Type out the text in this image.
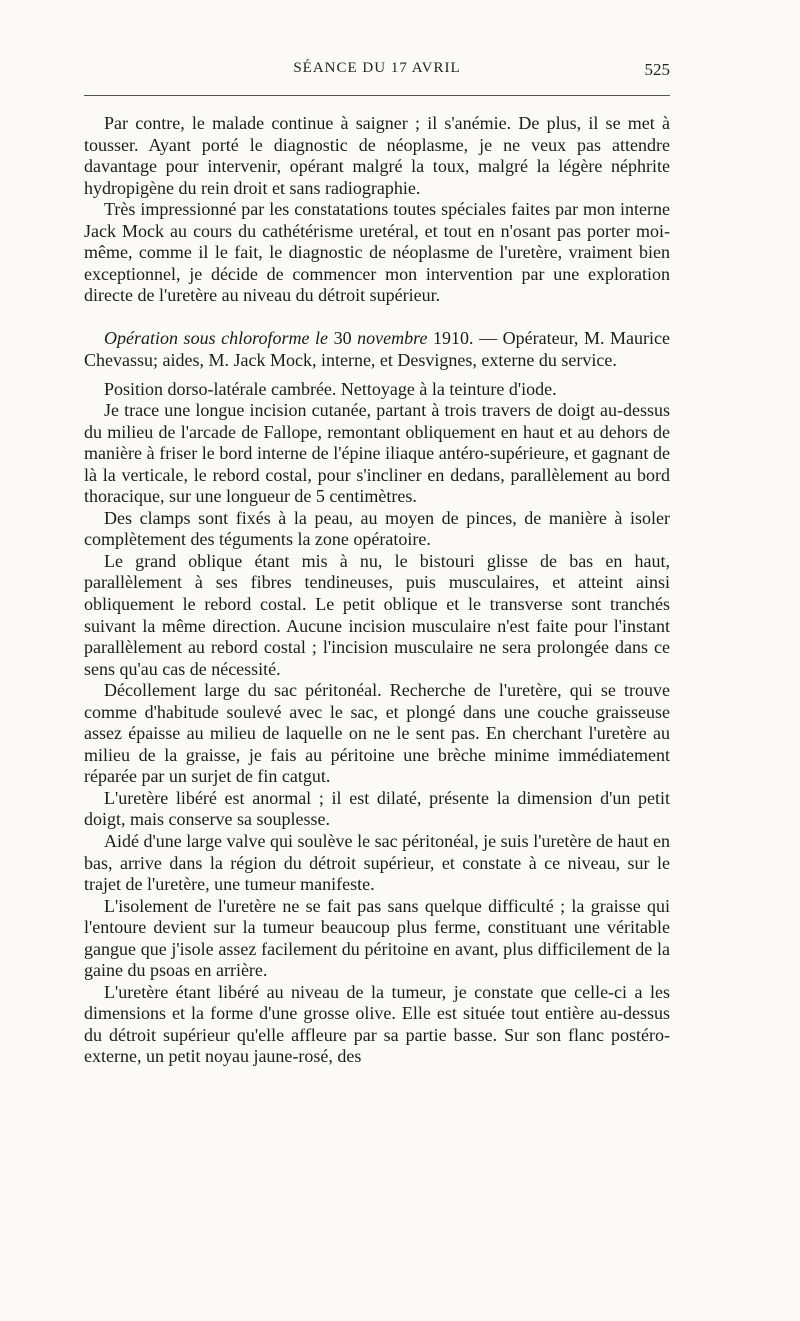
SÉANCE DU 17 AVRIL	525

Par contre, le malade continue à saigner ; il s'anémie. De plus, il se met à tousser. Ayant porté le diagnostic de néoplasme, je ne veux pas attendre davantage pour intervenir, opérant malgré la toux, malgré la légère néphrite hydropigène du rein droit et sans radiographie.

Très impressionné par les constatations toutes spéciales faites par mon interne Jack Mock au cours du cathétérisme uretéral, et tout en n'osant pas porter moi-même, comme il le fait, le diagnostic de néoplasme de l'uretère, vraiment bien exceptionnel, je décide de commencer mon intervention par une exploration directe de l'uretère au niveau du détroit supérieur.

Opération sous chloroforme le 30 novembre 1910. — Opérateur, M. Maurice Chevassu; aides, M. Jack Mock, interne, et Desvignes, externe du service.

Position dorso-latérale cambrée. Nettoyage à la teinture d'iode.

Je trace une longue incision cutanée, partant à trois travers de doigt au-dessus du milieu de l'arcade de Fallope, remontant obliquement en haut et au dehors de manière à friser le bord interne de l'épine iliaque antéro-supérieure, et gagnant de là la verticale, le rebord costal, pour s'incliner en dedans, parallèlement au bord thoracique, sur une longueur de 5 centimètres.

Des clamps sont fixés à la peau, au moyen de pinces, de manière à isoler complètement des téguments la zone opératoire.

Le grand oblique étant mis à nu, le bistouri glisse de bas en haut, parallèlement à ses fibres tendineuses, puis musculaires, et atteint ainsi obliquement le rebord costal. Le petit oblique et le transverse sont tranchés suivant la même direction. Aucune incision musculaire n'est faite pour l'instant parallèlement au rebord costal ; l'incision musculaire ne sera prolongée dans ce sens qu'au cas de nécessité.

Décollement large du sac péritonéal. Recherche de l'uretère, qui se trouve comme d'habitude soulevé avec le sac, et plongé dans une couche graisseuse assez épaisse au milieu de laquelle on ne le sent pas. En cherchant l'uretère au milieu de la graisse, je fais au péritoine une brèche minime immédiatement réparée par un surjet de fin catgut.

L'uretère libéré est anormal ; il est dilaté, présente la dimension d'un petit doigt, mais conserve sa souplesse.

Aidé d'une large valve qui soulève le sac péritonéal, je suis l'uretère de haut en bas, arrive dans la région du détroit supérieur, et constate à ce niveau, sur le trajet de l'uretère, une tumeur manifeste.

L'isolement de l'uretère ne se fait pas sans quelque difficulté ; la graisse qui l'entoure devient sur la tumeur beaucoup plus ferme, constituant une véritable gangue que j'isole assez facilement du péritoine en avant, plus difficilement de la gaine du psoas en arrière.

L'uretère étant libéré au niveau de la tumeur, je constate que celle-ci a les dimensions et la forme d'une grosse olive. Elle est située tout entière au-dessus du détroit supérieur qu'elle affleure par sa partie basse. Sur son flanc postéro-externe, un petit noyau jaune-rosé, des
